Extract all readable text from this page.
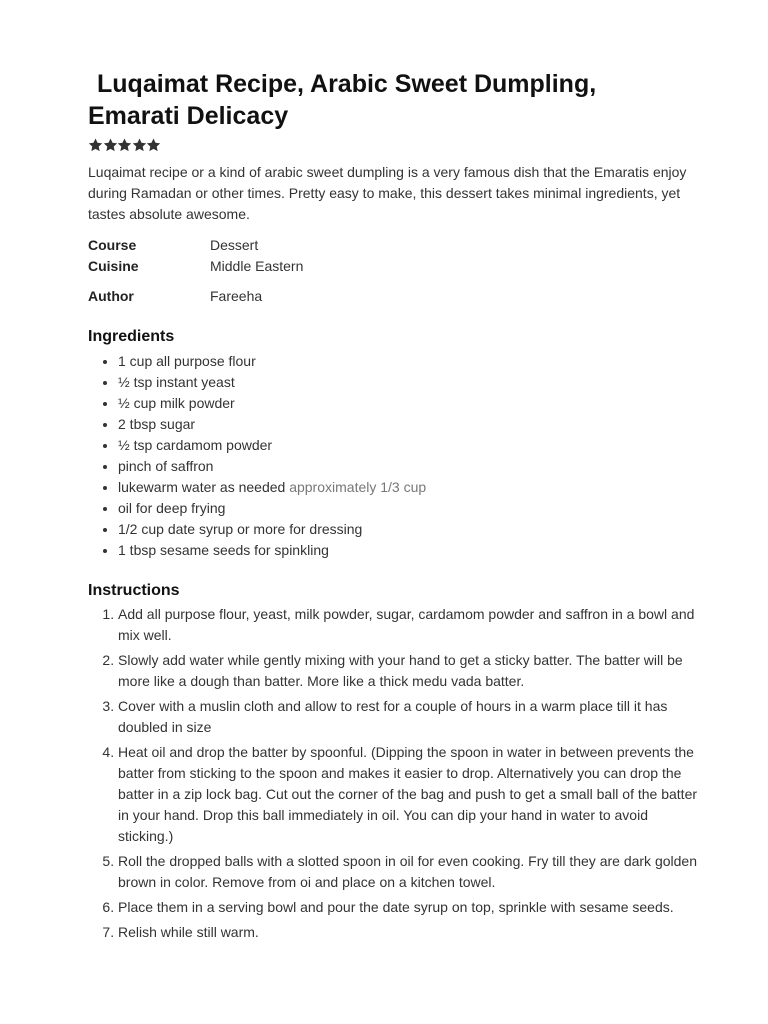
Luqaimat Recipe, Arabic Sweet Dumpling, Emarati Delicacy
Luqaimat recipe or a kind of arabic sweet dumpling is a very famous dish that the Emaratis enjoy during Ramadan or other times. Pretty easy to make, this dessert takes minimal ingredients, yet tastes absolute awesome.
Course	Dessert
Cuisine	Middle Eastern
Author	Fareeha
Ingredients
• 1 cup all purpose flour
• ½ tsp instant yeast
• ½ cup milk powder
• 2 tbsp sugar
• ½ tsp cardamom powder
• pinch of saffron
• lukewarm water as needed approximately 1/3 cup
• oil for deep frying
• 1/2 cup date syrup or more for dressing
• 1 tbsp sesame seeds for spinkling
Instructions
1. Add all purpose flour, yeast, milk powder, sugar, cardamom powder and saffron in a bowl and mix well.
2. Slowly add water while gently mixing with your hand to get a sticky batter. The batter will be more like a dough than batter. More like a thick medu vada batter.
3. Cover with a muslin cloth and allow to rest for a couple of hours in a warm place till it has doubled in size
4. Heat oil and drop the batter by spoonful. (Dipping the spoon in water in between prevents the batter from sticking to the spoon and makes it easier to drop. Alternatively you can drop the batter in a zip lock bag. Cut out the corner of the bag and push to get a small ball of the batter in your hand. Drop this ball immediately in oil. You can dip your hand in water to avoid sticking.)
5. Roll the dropped balls with a slotted spoon in oil for even cooking. Fry till they are dark golden brown in color. Remove from oi and place on a kitchen towel.
6. Place them in a serving bowl and pour the date syrup on top, sprinkle with sesame seeds.
7. Relish while still warm.
